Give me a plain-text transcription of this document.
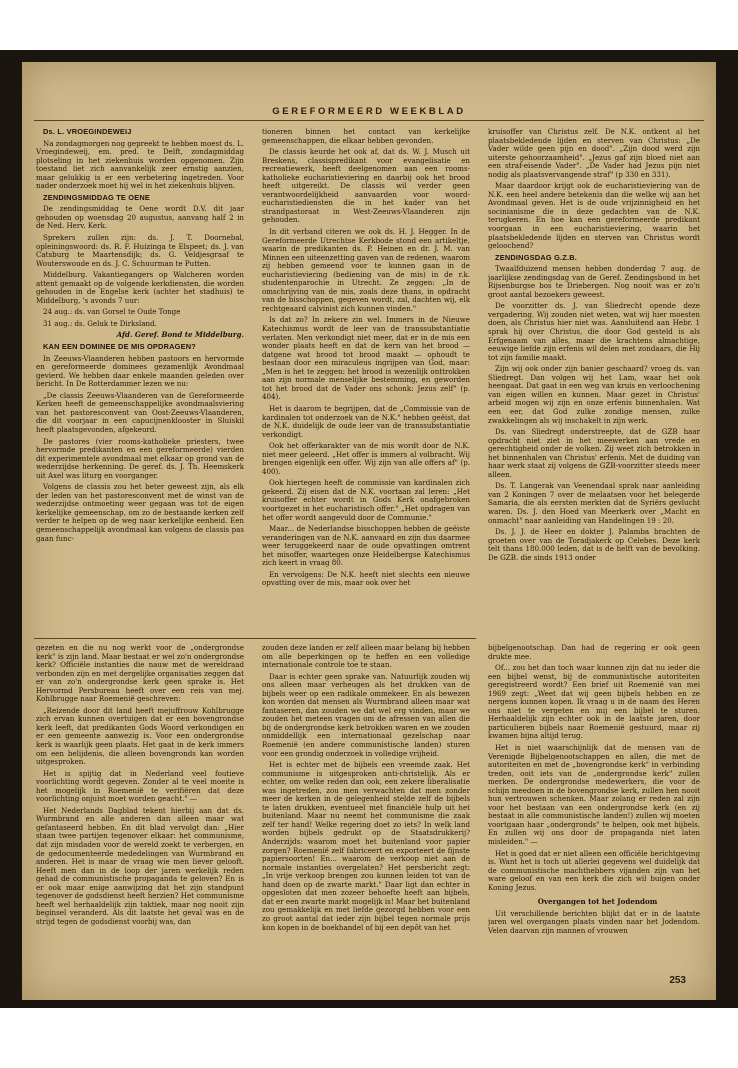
GEREFORMEERD WEEKBLAD

Ds. L. VROEGINDEWEIJ

Na zondagmorgen nog gepreekt te hebben moest ds. L. Vroegindeweij, em. pred. te Delft, zondagmiddag plotseling in het ziekenhuis worden opgenomen. Zijn toestand liet zich aanvankelijk zeer ernstig aanzien, maar gelukkig is er een verbetering ingetreden. Voor nader onderzoek moet hij wel in het ziekenhuis blijven.

ZENDINGSMIDDAG TE OENE

De zendingsmiddag te Oene wordt D.V. dit jaar gehouden op woensdag 20 augustus, aanvang half 2 in de Ned. Herv. Kerk.

Sprekers zullen zijn: ds. J. T. Doornebal, opleiningswoord: ds. R. F. Huizinga te Elspeet; ds. J. van Catsburg te Maartensdijk; ds. G. Veldjesgraaf te Wouterswoude en ds. J. C. Schuurman te Putten.

Middelburg. Vakantiegangers op Walcheren worden attent gemaakt op de volgende kerkdiensten, die worden gehouden in de Engelse kerk (achter het stadhuis) te Middelburg, 's avonds 7 uur:

24 aug.: ds. van Gorsel te Oude Tonge

31 aug.: ds. Geluk te Dirksland.

Afd. Geref. Bond te Middelburg.

KAN EEN DOMINEE DE MIS OPDRAGEN?

In Zeeuws-Vlaanderen hebben pastoors en hervormde en gereformeerde dominees gezamenlijk Avondmaal gevierd. We hebben daar enkele maanden geleden over bericht. In De Rotterdammer lezen we nu:

„De classis Zeeuws-Vlaanderen van de Gereformeerde Kerken heeft de gemeenschappelijke avondmaalsviering van het pastoresconvent van Oost-Zeeuws-Vlaanderen, die dit voorjaar in een capucijnenklooster in Sluiskil heeft plaatsgevonden, afgekeurd.

De pastores (vier rooms-katholieke priesters, twee hervormde predikanten en een gereformeerde) vierden dit experimentele avondmaal met elkaar op grond van de wederzijdse herkenning. De geref. ds. J. Th. Heemskerk uit Axel was liturg en voorganger.

Volgens de classis zou het beter geweest zijn, als elk der leden van het pastoresconvent met de winst van de wederzijdse ontmoeting weer gegaan was tot de eigen kerkelijke gemeenschap, om zo de bestaande kerken zelf verder te helpen op de weg naar kerkelijke eenheid. Een gemeenschappelijk avondmaal kan volgens de classis pas gaan func-

tioneren binnen het contact van kerkelijke gemeenschappen, die elkaar hebben gevonden.

De classis keurde het ook af, dat ds. W. J. Musch uit Breskens, classispredikant voor evangelisatie en recreatiewerk, heeft deelgenomen aan een rooms-katholieke eucharistieviering en daarbij ook het brood heeft uitgereikt. De classis wil verder geen verantwoordelijkheid aanvaarden voor woord-eucharistiediensten die in het kader van het strandpastoraat in West-Zeeuws-Vlaanderen zijn gehouden.

In dit verband citeren we ook ds. H. J. Hegger. In de Gereformeerde Utrechtse Kerkbode stond een artikeltje, waarin de predikanten ds. P. Heinen en dr. J. M. van Minnen een uiteenzetting gaven van de redenen, waarom zij hebben gemeend voor te kunnen gaan in de eucharistieviering (bediening van de mis) in de r.k. studentenparochie in Utrecht. Ze zeggen: „In de omschrijving van de mis, zoals deze thans, in opdracht van de bisschoppen, gegeven wordt, zal, dachten wij, elk rechtgeaard calvinist zich kunnen vinden."

Is dat zo? In zekere zin wel. Immers in de Nieuwe Katechismus wordt de leer van de transsubstantiatie verlaten. Men verkondigt niet meer, dat er in de mis een wonder plaats heeft en dat de kern van het brood — datgene wat brood tot brood maakt — ophoudt te bestaan door een miraculeus ingrijpen van God, maar: „Men is het te zeggen: het brood is wezenlijk onttrokken aan zijn normale menselijke bestemming, en geworden tot het brood dat de Vader ons schonk: Jezus zelf" (p. 404).

Het is daarom te begrijpen, dat de „Commissie van de kardinalen tot onderzoek van de N.K." hebben geëist, dat de N.K. duidelijk de oude leer van de transsubstantiatie verkondigt.

Ook het offerkarakter van de mis wordt door de N.K. niet meer geleerd. „Het offer is immers al volbracht. Wij brengen eigenlijk een offer. Wij zijn van alle offers af" (p. 400).

Ook hiertegen heeft de commissie van kardinalen zich gekeerd. Zij eisen dat de N.K. voortaan zal leren: „Het kruisoffer echter wordt in Gods Kerk onafgebroken voortgezet in het eucharistisch offer." „Het opdragen van het offer wordt aangevuld door de Communie."

Maar... de Nederlandse bisschoppen hebben de geëiste veranderingen van de N.K. aanvaard en zijn dus daarmee weer teruggekeerd naar de oude opvattingen omtrent het misoffer, waartegen onze Heidelbergse Katechismus zich keert in vraag 80.

En vervolgens: De N.K. heeft niet slechts een nieuwe opvatting over de mis, maar ook over het

kruisoffer van Christus zelf. De N.K. ontkent al het plaatsbekledende lijden en sterven van Christus: „De Vader wilde geen pijn en dood". „Zijn dood werd zijn uiterste gehoorzaamheid". „Jezus gaf zijn bloed niet aan een straf-eisende Vader". „De Vader had Jezus pijn niet nodig als plaatsvervangende straf" (p 330 en 331).

Maar daardoor krijgt ook de eucharistieviering van de N.K. een heel andere betekenis dan die welke wij aan het Avondmaal geven. Het is de oude vrijzinnigheid en het socinianisme die in deze gedachten van de N.K. terugkeren. En hoe kan een gereformeerde predikant voorgaan in een eucharistieviering, waarin het plaatsbekledende lijden en sterven van Christus wordt geloochend?

ZENDINGSDAG G.Z.B.

Twaalfduizend mensen hebben donderdag 7 aug. de jaarlijkse zendingsdag van de Geref. Zendingsbond in het Rijsenburgse bos te Driebergen. Nog nooit was er zo'n groot aantal bezoekers geweest.

De voorzitter ds. J. van Sliedrecht opende deze vergadering. Wij zouden niet weten, wat wij hier moesten doen, als Christus hier niet was. Aansluitend aan Hebr. 1 sprak hij over Christus, die door God gesteld is als Erfgenaam van alles, maar die krachtens almachtige, eeuwige liefde zijn erfenis wil delen met zondaars, die Hij tot zijn familie maakt.

Zijn wij ook onder zijn banier geschaard? vroeg ds. van Sliedregt. Dan volgen wij het Lam, waar het ook heengaat. Dat gaat in een weg van kruis en verloochening van eigen willen en kunnen. Maar gezet in Christus' arbeid mogen wij zijn en onze erfenis binnenhalen. Wat een eer, dat God zulke zondige mensen, zulke zwakkelingen als wij inschakelt in zijn werk.

Ds. van Sliedregt onderstreepte, dat de GZB haar opdracht niet ziet in het meewerken aan vrede en gerechtigheid onder de volken. Zij weet zich betrokken in het binnenhalen van Christus' erfenis. Met de duiding van haar werk staat zij volgens de GZB-voorzitter steeds meer alleen.

Ds. T. Langerak van Veenendaal sprak naar aanleiding van 2 Koningen 7 over de melaatsen voor het belegerde Samaria, die als eersten merkten dat de Syriërs gevlucht waren. Ds. J. den Hoed van Meerkerk over „Macht en onmacht" naar aanleiding van Handelingen 19 : 20.

Ds. J. J. de Heer en dokter J. Palamba brachten de groeten over van de Toradjakerk op Celebes. Deze kerk telt thans 180.000 leden, dat is de helft van de bevolking. De GZB. die sinds 1913 onder

gezeten en die nu nog werkt voor de „ondergrondse kerk" is zijn land. Maar bestaat er wel zo'n ondergrondse kerk? Officiële instanties die nauw met de wereldraad verbonden zijn en met dergelijke organisaties zeggen dat er van zo'n ondergrondse kerk geen sprake is. Het Hervormd Persbureau heeft over een reis van mej. Kohlbrugge naar Roemenië geschreven:

„Reizende door dit land heeft mejuffrouw Kohlbrugge zich ervan kunnen overtuigen dat er een bovengrondse kerk leeft, dat predikanten Gods Woord verkondigen en er een gemeente aanwezig is. Voor een ondergrondse kerk is waarlijk geen plaats. Het gaat in de kerk immers om een belijdenis, die alleen bovengronds kan worden uitgesproken.

Het is spijtig dat in Nederland veel foutieve voorlichting wordt gegeven. Zonder al te veel moeite is het mogelijk in Roemenië te verifiëren dat deze voorlichting onjuist moet worden geacht." —

Het Nederlands Dagblad tekent hierbij aan dat ds. Wurmbrand en alle anderen dan alleen maar wat gefantaseerd hebben. En dit blad vervolgt dan: „Hier staan twee partijen tegenover elkaar: het communisme, dat zijn misdaden voor de wereld zoekt te verbergen, en de gedocumenteerde mededelingen van Wurmbrand en anderen. Het is maar de vraag wie men liever gelooft. Heeft men dan in de loop der jaren werkelijk reden gehad de communistische propaganda te geloven? En is er ook maar enige aanwijzing dat het zijn standpunt tegenover de godsdienst heeft herzien? Het communisme heeft wel herhaaldelijk zijn taktiek, maar nog nooit zijn beginsel veranderd. Als dit laatste het geval was en de strijd tegen de godsdienst voorbij was, dan

zouden deze landen er zelf alleen maar belang bij hebben om alle beperkingen op te heffen en een volledige internationale controle toe te staan.

Daar is echter geen sprake van. Natuurlijk zouden wij ons alleen maar verheugen als het drukken van de bijbels weer op een radikale ommekeer. En als bewezen kon worden dat mensen als Wurmbrand alleen maar wat fantaseren, dan zouden we dat wel erg vinden, maar we zouden het meteen vragen om de afressen van allen die bij de ondergrondse kerk betrokken waren en we zouden onmiddellijk een internationaal gezelschap naar Roemenië (en andere communistische landen) sturen voor een grondig onderzoek in volledige vrijheid.

Het is echter met de bijbels een vreemde zaak. Het communisme is uitgesproken anti-christelijk. Als er echter, om welke reden dan ook, een zekere liberalisatie was ingetreden, zou men verwachten dat men zonder meer de kerken in de gelegenheid stelde zelf de bijbels te laten drukken, eventueel met financiële hulp uit het buitenland. Maar nu neemt het communisme die zaak zelf ter hand! Welke regering doet zo iets? In welk land worden bijbels gedrukt op de Staatsdrukkerij? Anderzijds: waarom moet het buitenland voor papier zorgen? Roemenië zelf fabriceert en exporteert de fijnste papiersoorten! En... waarom de verkoop niet aan de normale instanties overgelaten? Het persbericht zegt: „In vrije verkoop brengen zou kunnen leiden tot van de hand doen op de zwarte markt." Daar ligt dan echter in opgesloten dat men zozeer behoefte heeft aan bijbels, dat er een zwarte markt mogelijk is! Maar het buitenland zou gemakkelijk en met liefde gezorgd hebben voor een zo groot aantal dat ieder zijn bijbel tegen normale prijs kon kopen in de boekhandel of bij een depôt van het

bijbelgenootschap. Dan had de regering er ook geen drukte mee.

Of... zou het dan toch waar kunnen zijn dat nu ieder die een bijbel wenst, bij de communistische autoriteiten geregistreerd wordt? Een brief uit Roemenië van mei 1969 zegt: „Weet dat wij geen bijbels hebben en ze nergens kunnen kopen. Ik vraag u in de naam des Heren ons niet te vergeten en mij een bijbel te sturen. Herhaaldelijk zijn echter ook in de laatste jaren, door particulieren bijbels naar Roemenië gestuurd, maar zij kwamen bijna altijd terug.

Het is niet waarschijnlijk dat de mensen van de Verenigde Bijbelgenootschappen en allen, die met de autoriteiten en met de „bovengrondse kerk" in verbinding treden, ooit iets van de „ondergrondse kerk" zullen merken. De ondergrondse medewerkers, die voor de schijn meedoen in de bovengrondse kerk, zullen hen nooit hun vertrouwen schenken. Maar zolang er reden zal zijn voor het bestaan van een ondergrondse kerk (en zij bestaat in alle communistische landen!) zullen wij moeten voortgaan haar „ondergronds" te helpen, ook met bijbels. En zullen wij ons door de propaganda niet laten misleiden." —

Het is goed dat er niet alleen een officiële berichtgeving is. Want het is toch uit allerlei gegevens wel duidelijk dat de communistische machthebbers vijanden zijn van het ware geloof en van een kerk die zich wil buigen onder Koning Jezus.

Overgangen tot het Jodendom

Uit verschillende berichten blijkt dat er in de laatste jaren wel overgangen plaats vinden naar het Jodendom. Velen daarvan zijn mannen of vrouwen

253
